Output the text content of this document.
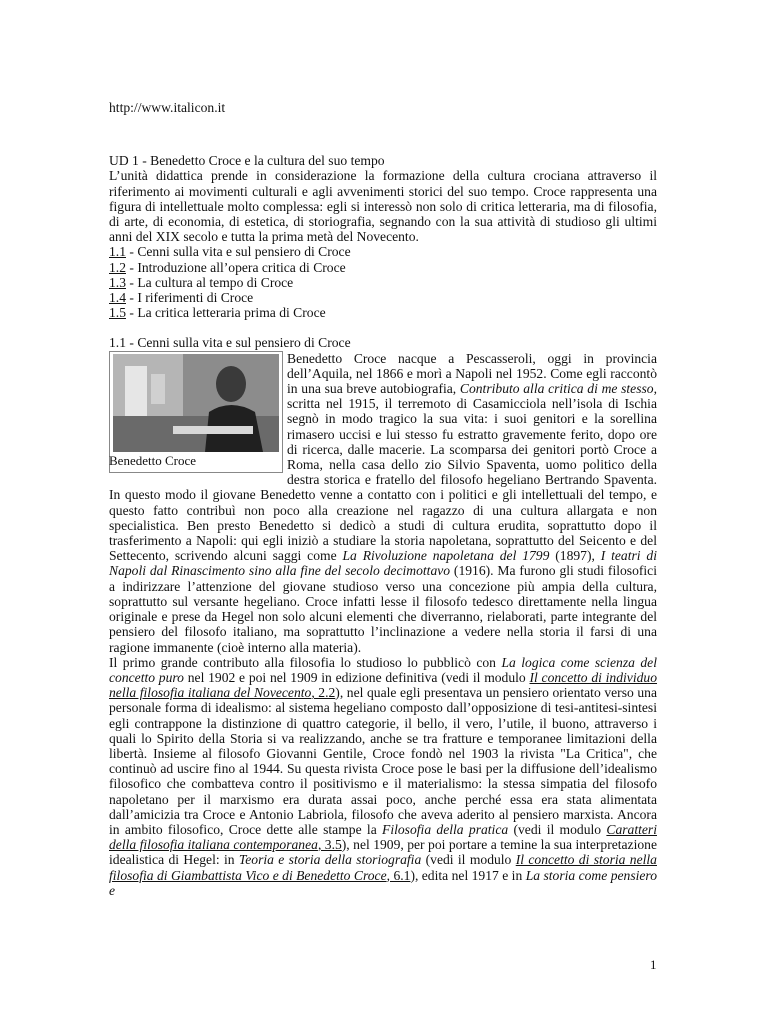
http://www.italicon.it

UD 1 - Benedetto Croce e la cultura del suo tempo

L’unità didattica prende in considerazione la formazione della cultura crociana attraverso il riferimento ai movimenti culturali e agli avvenimenti storici del suo tempo. Croce rappresenta una figura di intellettuale molto complessa: egli si interessò non solo di critica letteraria, ma di filosofia, di arte, di economia, di estetica, di storiografia, segnando con la sua attività di studioso gli ultimi anni del XIX secolo e tutta la prima metà del Novecento.

1.1 - Cenni sulla vita e sul pensiero di Croce
1.2 - Introduzione all’opera critica di Croce
1.3 - La cultura al tempo di Croce
1.4 - I riferimenti di Croce
1.5 - La critica letteraria prima di Croce

1.1 - Cenni sulla vita e sul pensiero di Croce

Benedetto Croce

Benedetto Croce nacque a Pescasseroli, oggi in provincia dell’Aquila, nel 1866 e morì a Napoli nel 1952. Come egli raccontò in una sua breve autobiografia, Contributo alla critica di me stesso, scritta nel 1915, il terremoto di Casamicciola nell’isola di Ischia segnò in modo tragico la sua vita: i suoi genitori e la sorellina rimasero uccisi e lui stesso fu estratto gravemente ferito, dopo ore di ricerca, dalle macerie. La scomparsa dei genitori portò Croce a Roma, nella casa dello zio Silvio Spaventa, uomo politico della destra storica e fratello del filosofo hegeliano Bertrando Spaventa. In questo modo il giovane Benedetto venne a contatto con i politici e gli intellettuali del tempo, e questo fatto contribuì non poco alla creazione nel ragazzo di una cultura allargata e non specialistica. Ben presto Benedetto si dedicò a studi di cultura erudita, soprattutto dopo il trasferimento a Napoli: qui egli iniziò a studiare la storia napoletana, soprattutto del Seicento e del Settecento, scrivendo alcuni saggi come La Rivoluzione napoletana del 1799 (1897), I teatri di Napoli dal Rinascimento sino alla fine del secolo decimottavo (1916). Ma furono gli studi filosofici a indirizzare l’attenzione del giovane studioso verso una concezione più ampia della cultura, soprattutto sul versante hegeliano. Croce infatti lesse il filosofo tedesco direttamente nella lingua originale e prese da Hegel non solo alcuni elementi che diverranno, rielaborati, parte integrante del pensiero del filosofo italiano, ma soprattutto l’inclinazione a vedere nella storia il farsi di una ragione immanente (cioè interno alla materia).

Il primo grande contributo alla filosofia lo studioso lo pubblicò con La logica come scienza del concetto puro nel 1902 e poi nel 1909 in edizione definitiva (vedi il modulo Il concetto di individuo nella filosofia italiana del Novecento, 2.2), nel quale egli presentava un pensiero orientato verso una personale forma di idealismo: al sistema hegeliano composto dall’opposizione di tesi-antitesi-sintesi egli contrappone la distinzione di quattro categorie, il bello, il vero, l’utile, il buono, attraverso i quali lo Spirito della Storia si va realizzando, anche se tra fratture e temporanee limitazioni della libertà. Insieme al filosofo Giovanni Gentile, Croce fondò nel 1903 la rivista "La Critica", che continuò ad uscire fino al 1944. Su questa rivista Croce pose le basi per la diffusione dell’idealismo filosofico che combatteva contro il positivismo e il materialismo: la stessa simpatia del filosofo napoletano per il marxismo era durata assai poco, anche perché essa era stata alimentata dall’amicizia tra Croce e Antonio Labriola, filosofo che aveva aderito al pensiero marxista. Ancora in ambito filosofico, Croce dette alle stampe la Filosofia della pratica (vedi il modulo Caratteri della filosofia italiana contemporanea, 3.5), nel 1909, per poi portare a temine la sua interpretazione idealistica di Hegel: in Teoria e storia della storiografia (vedi il modulo Il concetto di storia nella filosofia di Giambattista Vico e di Benedetto Croce, 6.1), edita nel 1917 e in La storia come pensiero e

1
